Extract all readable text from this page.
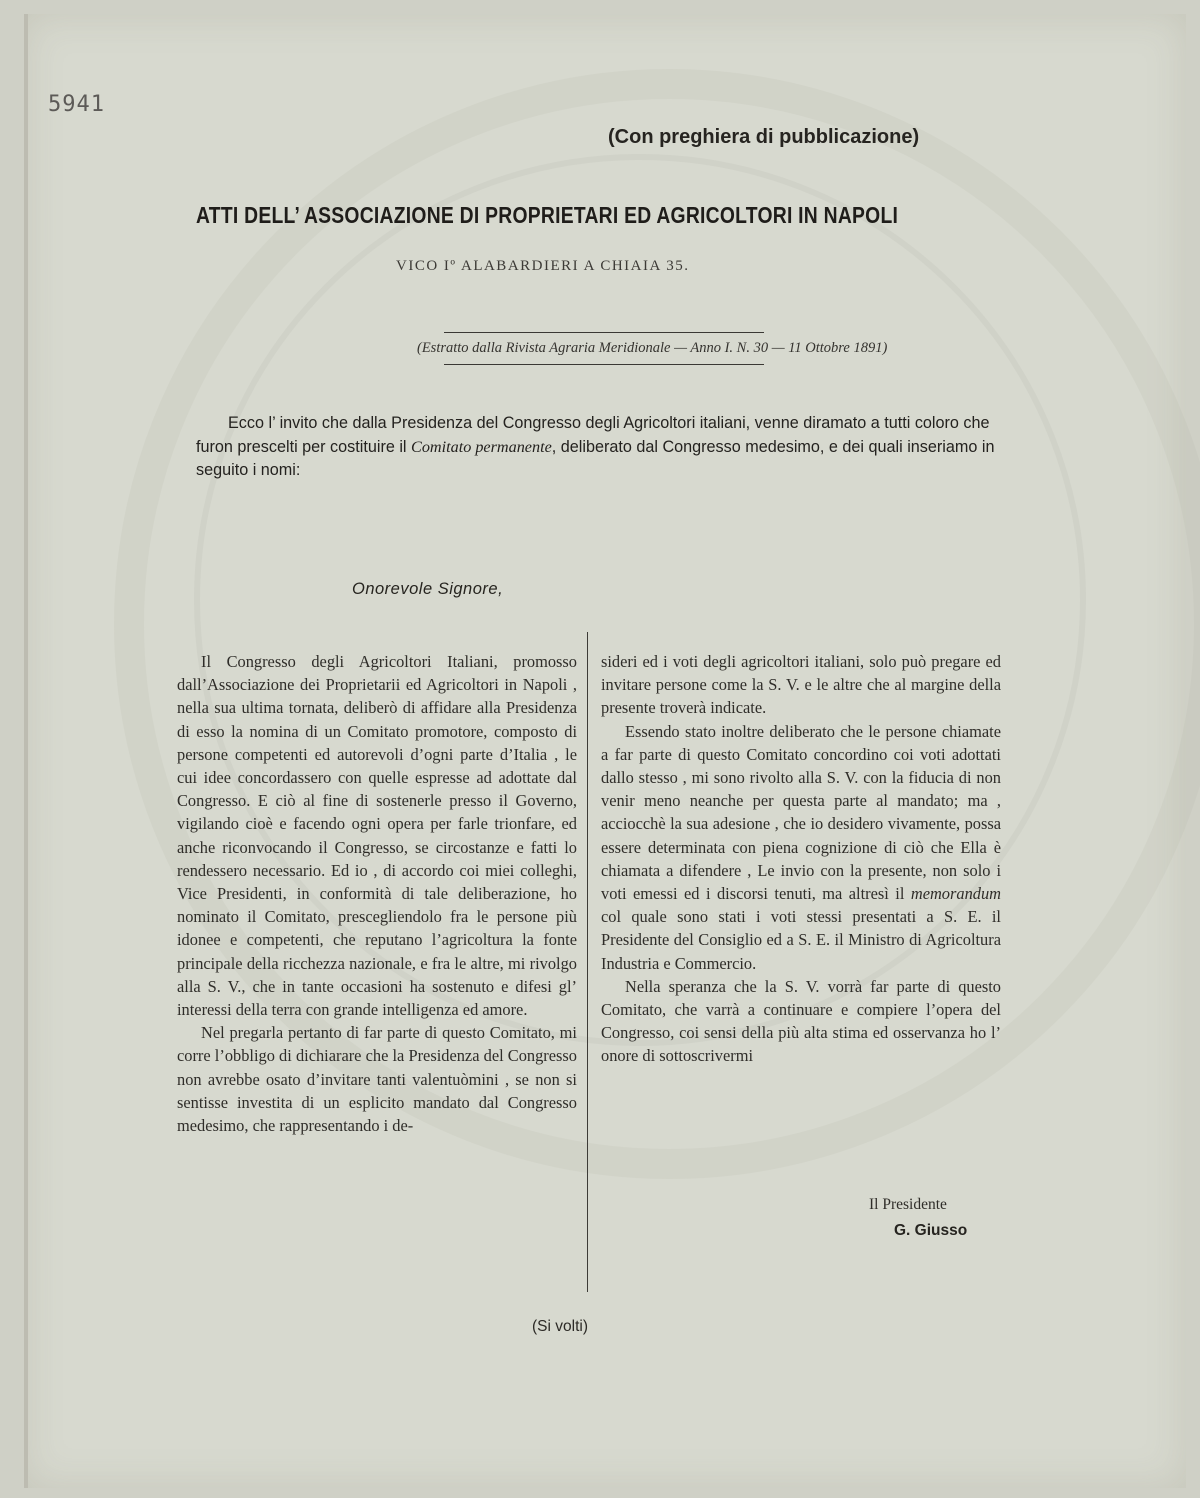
5941
(Con preghiera di pubblicazione)
ATTI DELL’ ASSOCIAZIONE DI PROPRIETARI ED AGRICOLTORI IN NAPOLI
VICO Iº ALABARDIERI A CHIAIA 35.
(Estratto dalla Rivista Agraria Meridionale — Anno I. N. 30 — 11 Ottobre 1891)
Ecco l’ invito che dalla Presidenza del Congresso degli Agricoltori italiani, venne diramato a tutti coloro che furon prescelti per costituire il Comitato permanente, deliberato dal Congresso medesimo, e dei quali inseriamo in seguito i nomi:
Onorevole Signore,

Il Congresso degli Agricoltori Italiani, promosso dall’Associazione dei Proprietarii ed Agricoltori in Napoli , nella sua ultima tornata, deliberò di affidare alla Presidenza di esso la nomina di un Comitato promotore, composto di persone competenti ed autorevoli d’ogni parte d’Italia , le cui idee concordassero con quelle espresse ad adottate dal Congresso. E ciò al fine di sostenerle presso il Governo, vigilando cioè e facendo ogni opera per farle trionfare, ed anche riconvocando il Congresso, se circostanze e fatti lo rendessero necessario. Ed io , di accordo coi miei colleghi, Vice Presidenti, in conformità di tale deliberazione, ho nominato il Comitato, prescegliendolo fra le persone più idonee e competenti, che reputano l’agricoltura la fonte principale della ricchezza nazionale, e fra le altre, mi rivolgo alla S. V., che in tante occasioni ha sostenuto e difesi gl’ interessi della terra con grande intelligenza ed amore.

Nel pregarla pertanto di far parte di questo Comitato, mi corre l’obbligo di dichiarare che la Presidenza del Congresso non avrebbe osato d’invitare tanti valentuòmini , se non si sentisse investita di un esplicito mandato dal Congresso medesimo, che rappresentando i de-

sideri ed i voti degli agricoltori italiani, solo può pregare ed invitare persone come la S. V. e le altre che al margine della presente troverà indicate.

Essendo stato inoltre deliberato che le persone chiamate a far parte di questo Comitato concordino coi voti adottati dallo stesso , mi sono rivolto alla S. V. con la fiducia di non venir meno neanche per questa parte al mandato; ma , acciocchè la sua adesione , che io desidero vivamente, possa essere determinata con piena cognizione di ciò che Ella è chiamata a difendere , Le invio con la presente, non solo i voti emessi ed i discorsi tenuti, ma altresì il memorandum col quale sono stati i voti stessi presentati a S. E. il Presidente del Consiglio ed a S. E. il Ministro di Agricoltura Industria e Commercio.

Nella speranza che la S. V. vorrà far parte di questo Comitato, che varrà a continuare e compiere l’opera del Congresso, coi sensi della più alta stima ed osservanza ho l’ onore di sottoscrivermi

Il Presidente
G. Giusso
(Si volti)
